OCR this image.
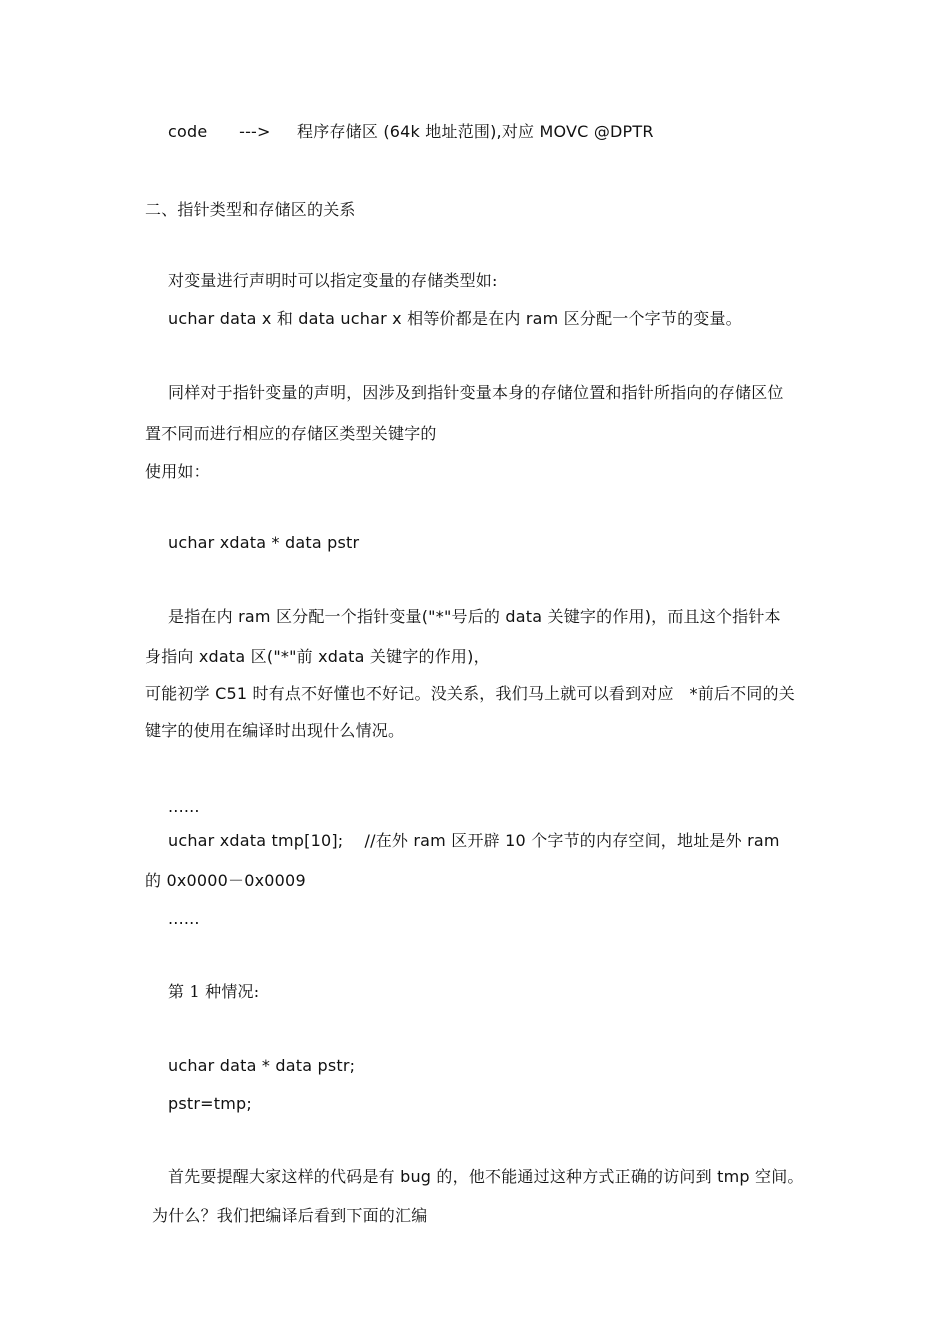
code      --->     程序存储区 (64k 地址范围),对应 MOVC @DPTR
二、指针类型和存储区的关系
对变量进行声明时可以指定变量的存储类型如:
uchar data x 和 data uchar x 相等价都是在内 ram 区分配一个字节的变量。
同样对于指针变量的声明，因涉及到指针变量本身的存储位置和指针所指向的存储区位
置不同而进行相应的存储区类型关键字的
使用如：
uchar xdata * data pstr
是指在内 ram 区分配一个指针变量("*"号后的 data 关键字的作用)，而且这个指针本
身指向 xdata 区("*"前 xdata 关键字的作用)，
可能初学 C51 时有点不好懂也不好记。没关系，我们马上就可以看到对应   *前后不同的关
键字的使用在编译时出现什么情况。
......
uchar xdata tmp[10];    //在外 ram 区开辟 10 个字节的内存空间，地址是外 ram
的 0x0000－0x0009
......
第 1 种情况:
uchar data * data pstr;
pstr=tmp;
首先要提醒大家这样的代码是有 bug 的，他不能通过这种方式正确的访问到 tmp 空间。
为什么？我们把编译后看到下面的汇编
